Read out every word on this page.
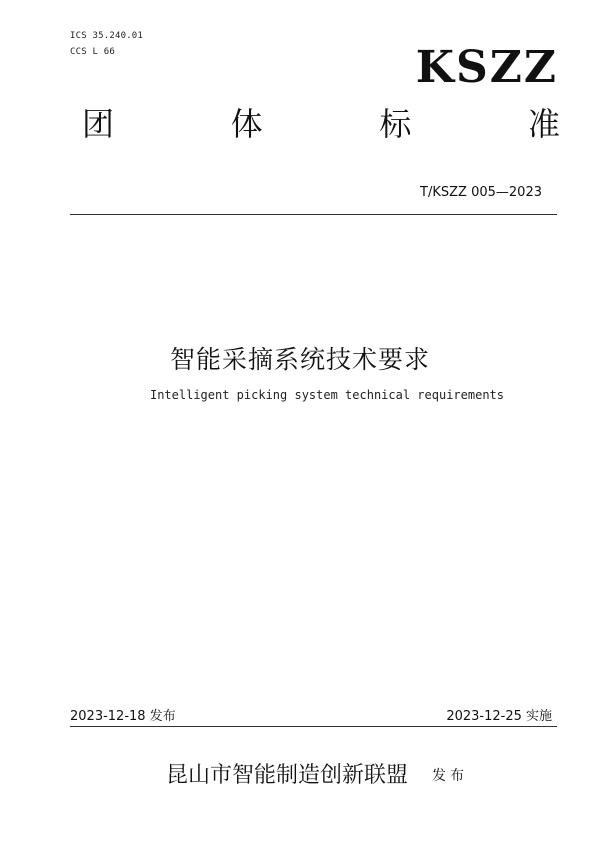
ICS 35.240.01
CCS L 66	KSZZ
团	体	标	准
T/KSZZ 005—2023
智能采摘系统技术要求
Intelligent picking system technical requirements
2023-12-18 发布	2023-12-25 实施
昆山市智能制造创新联盟 发布
